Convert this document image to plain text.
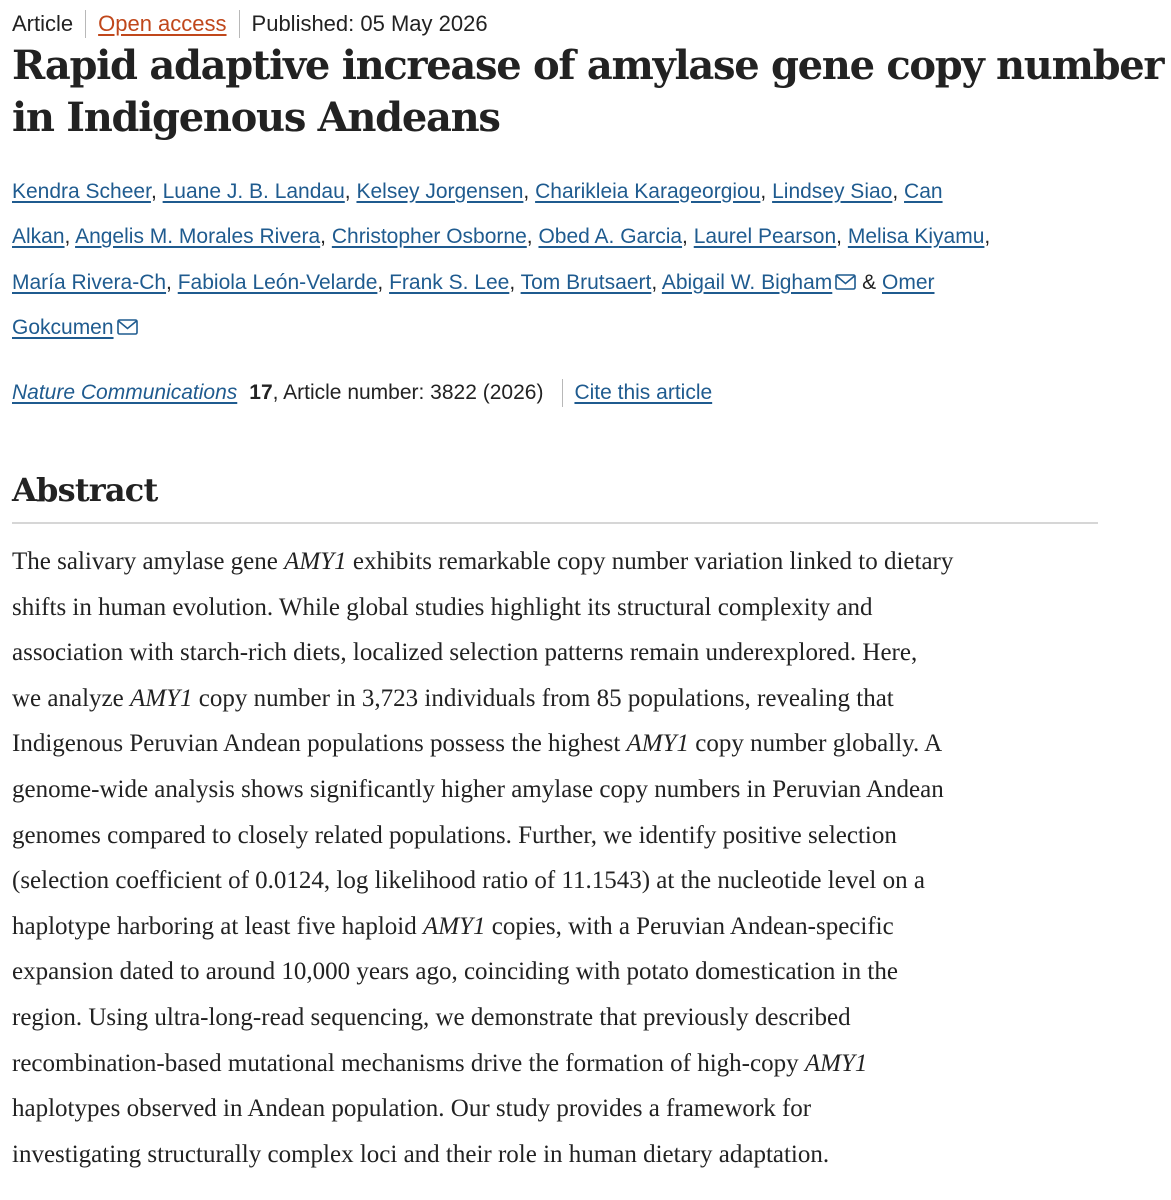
Article Open access Published: 05 May 2026
Rapid adaptive increase of amylase gene copy number
in Indigenous Andeans
Kendra Scheer, Luane J. B. Landau, Kelsey Jorgensen, Charikleia Karageorgiou, Lindsey Siao, Can
Alkan, Angelis M. Morales Rivera, Christopher Osborne, Obed A. Garcia, Laurel Pearson, Melisa Kiyamu,
María Rivera-Ch, Fabiola León-Velarde, Frank S. Lee, Tom Brutsaert, Abigail W. Bigham & Omer
Gokcumen
Nature Communications 17 , Article number: 3822 (2026) Cite this article
Abstract
The salivary amylase gene AMY1 exhibits remarkable copy number variation linked to dietary
shifts in human evolution. While global studies highlight its structural complexity and
association with starch-rich diets, localized selection patterns remain underexplored. Here,
we analyze AMY1 copy number in 3,723 individuals from 85 populations, revealing that
Indigenous Peruvian Andean populations possess the highest AMY1 copy number globally. A
genome-wide analysis shows significantly higher amylase copy numbers in Peruvian Andean
genomes compared to closely related populations. Further, we identify positive selection
(selection coefficient of 0.0124, log likelihood ratio of 11.1543) at the nucleotide level on a
haplotype harboring at least five haploid AMY1 copies, with a Peruvian Andean-specific
expansion dated to around 10,000 years ago, coinciding with potato domestication in the
region. Using ultra-long-read sequencing, we demonstrate that previously described
recombination-based mutational mechanisms drive the formation of high-copy AMY1
haplotypes observed in Andean population. Our study provides a framework for
investigating structurally complex loci and their role in human dietary adaptation.
